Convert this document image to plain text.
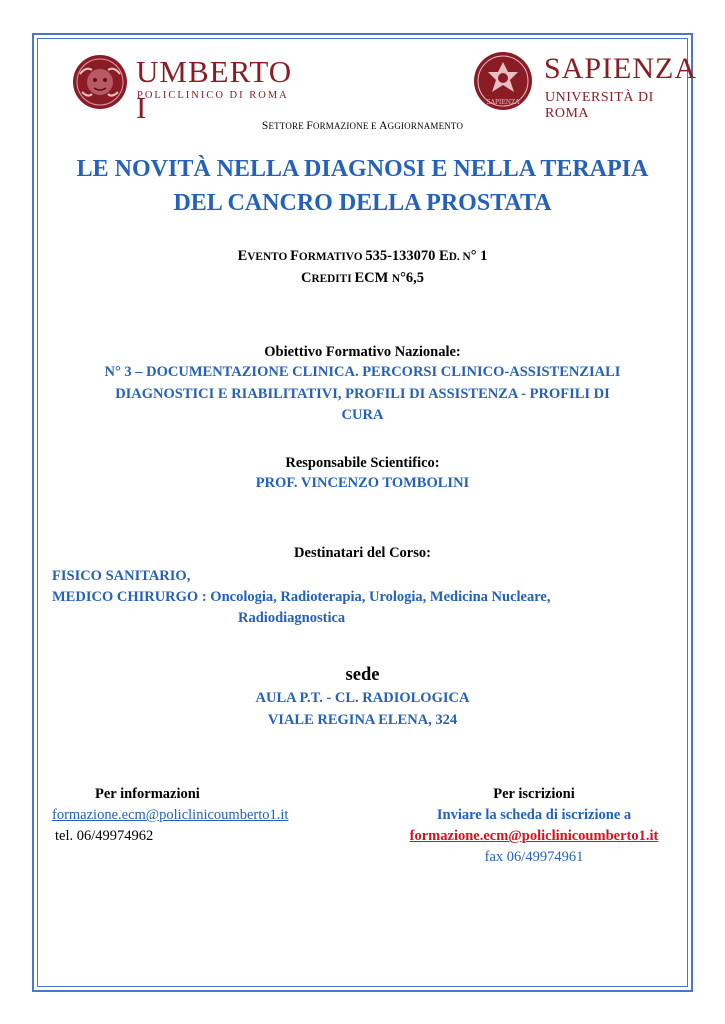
UMBERTO I
POLICLINICO DI ROMA
SAPIENZA
SAPIENZA
UNIVERSITÀ DI ROMA
SETTORE FORMAZIONE E AGGIORNAMENTO
LE NOVITÀ NELLA DIAGNOSI E NELLA TERAPIA
DEL CANCRO DELLA PROSTATA
EVENTO FORMATIVO 535-133070 ED. N° 1
CREDITI ECM N°6,5
Obiettivo Formativo Nazionale:
N° 3 – DOCUMENTAZIONE CLINICA. PERCORSI CLINICO-ASSISTENZIALI
DIAGNOSTICI E RIABILITATIVI, PROFILI DI ASSISTENZA - PROFILI DI
CURA
Responsabile Scientifico:
PROF. VINCENZO TOMBOLINI
Destinatari del Corso:
FISICO SANITARIO,
MEDICO CHIRURGO : Oncologia, Radioterapia, Urologia, Medicina Nucleare,
Radiodiagnostica
sede
AULA P.T. - CL. RADIOLOGICA
VIALE REGINA ELENA, 324
Per informazioni
formazione.ecm@policlinicoumberto1.it
tel. 06/49974962
Per iscrizioni
Inviare la scheda di iscrizione a
formazione.ecm@policlinicoumberto1.it
fax 06/49974961
